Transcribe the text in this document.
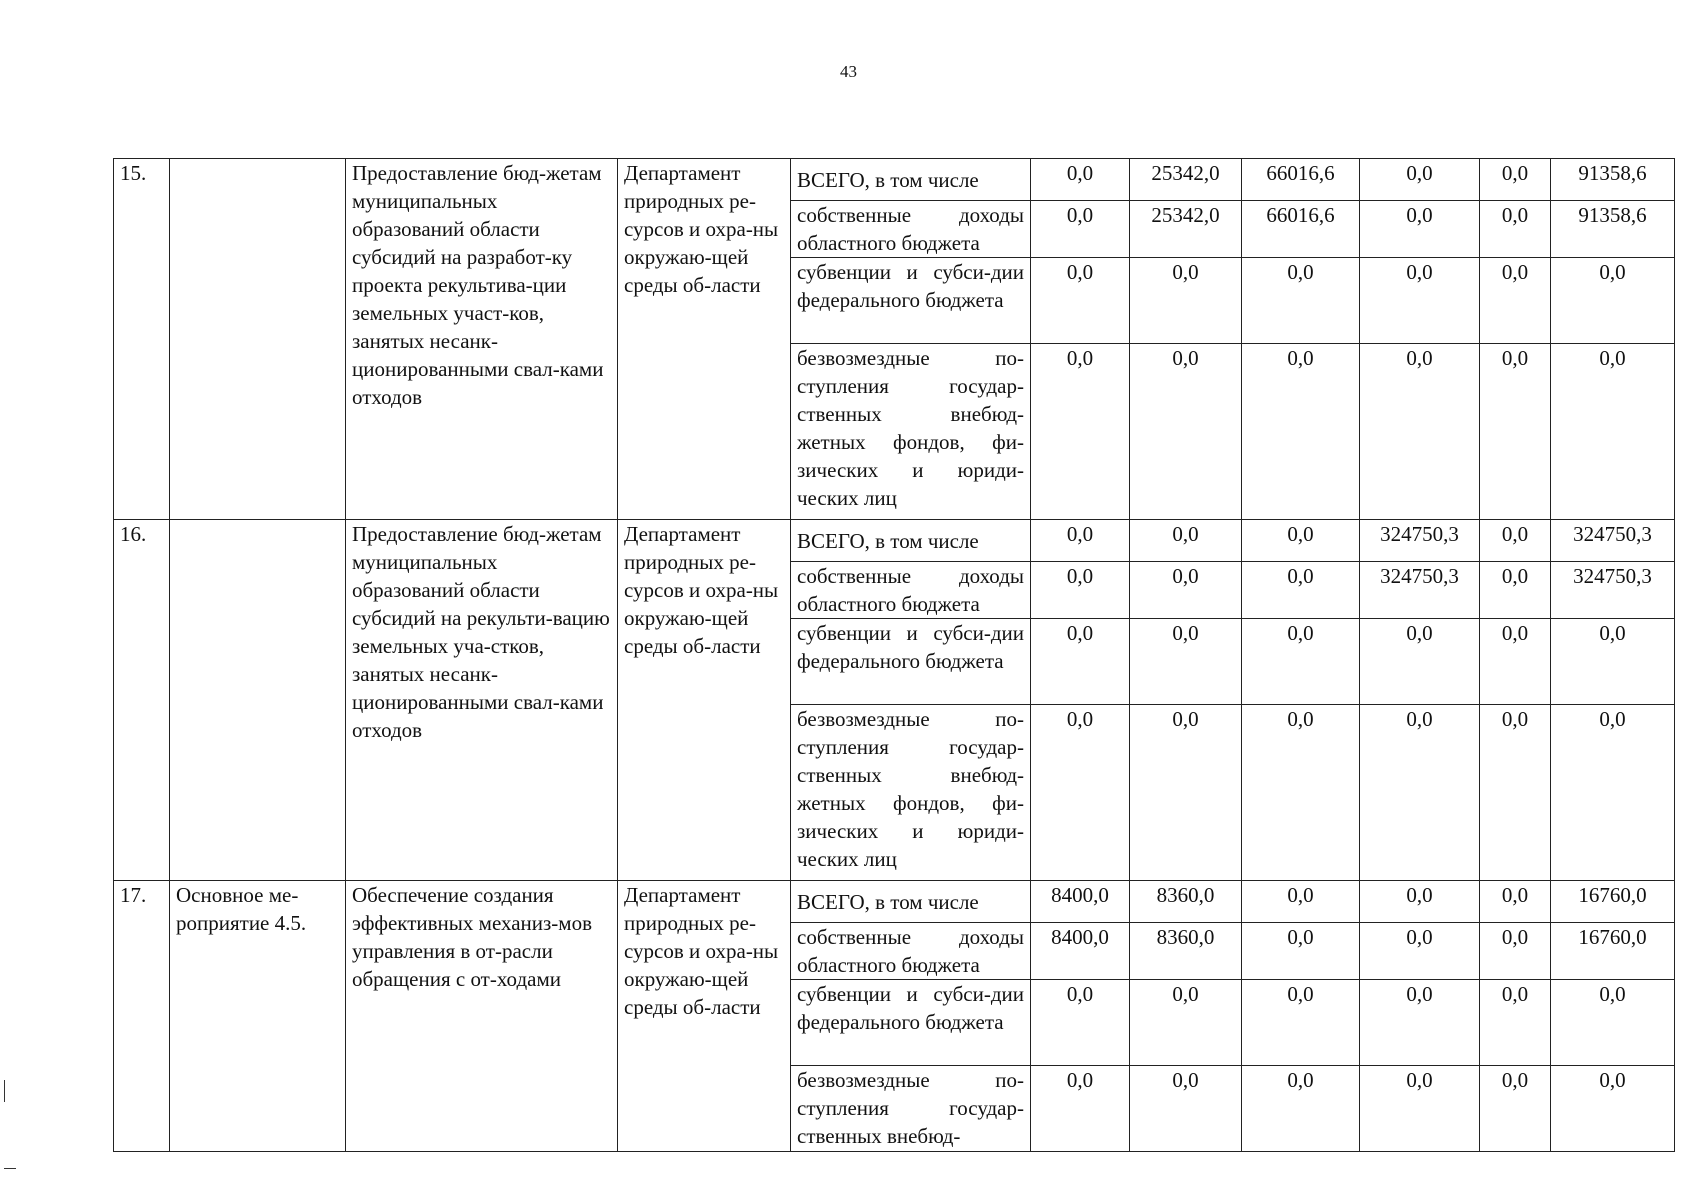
43
15.		Предоставление бюд-жетам муниципальных образований области субсидий на разработ-ку проекта рекультива-ции земельных участ-ков, занятых несанк-ционированными свал-ками отходов	Департамент природных ре-сурсов и охра-ны окружаю-щей среды об-ласти	ВСЕГО, в том числе	0,0	25342,0	66016,6	0,0	0,0	91358,6
				собственные доходы областного бюджета	0,0	25342,0	66016,6	0,0	0,0	91358,6
				субвенции и субси-дии федерального бюджета	0,0	0,0	0,0	0,0	0,0	0,0
				безвозмездные по-ступления государ-ственных внебюд-жетных фондов, фи-зических и юриди-ческих лиц	0,0	0,0	0,0	0,0	0,0	0,0
16.		Предоставление бюд-жетам муниципальных образований области субсидий на рекульти-вацию земельных уча-стков, занятых несанк-ционированными свал-ками отходов	Департамент природных ре-сурсов и охра-ны окружаю-щей среды об-ласти	ВСЕГО, в том числе	0,0	0,0	0,0	324750,3	0,0	324750,3
				собственные доходы областного бюджета	0,0	0,0	0,0	324750,3	0,0	324750,3
				субвенции и субси-дии федерального бюджета	0,0	0,0	0,0	0,0	0,0	0,0
				безвозмездные по-ступления государ-ственных внебюд-жетных фондов, фи-зических и юриди-ческих лиц	0,0	0,0	0,0	0,0	0,0	0,0
17.	Основное ме-роприятие 4.5.	Обеспечение создания эффективных механиз-мов управления в от-расли обращения с от-ходами	Департамент природных ре-сурсов и охра-ны окружаю-щей среды об-ласти	ВСЕГО, в том числе	8400,0	8360,0	0,0	0,0	0,0	16760,0
				собственные доходы областного бюджета	8400,0	8360,0	0,0	0,0	0,0	16760,0
				субвенции и субси-дии федерального бюджета	0,0	0,0	0,0	0,0	0,0	0,0
				безвозмездные по-ступления государ-ственных внебюд-	0,0	0,0	0,0	0,0	0,0	0,0
